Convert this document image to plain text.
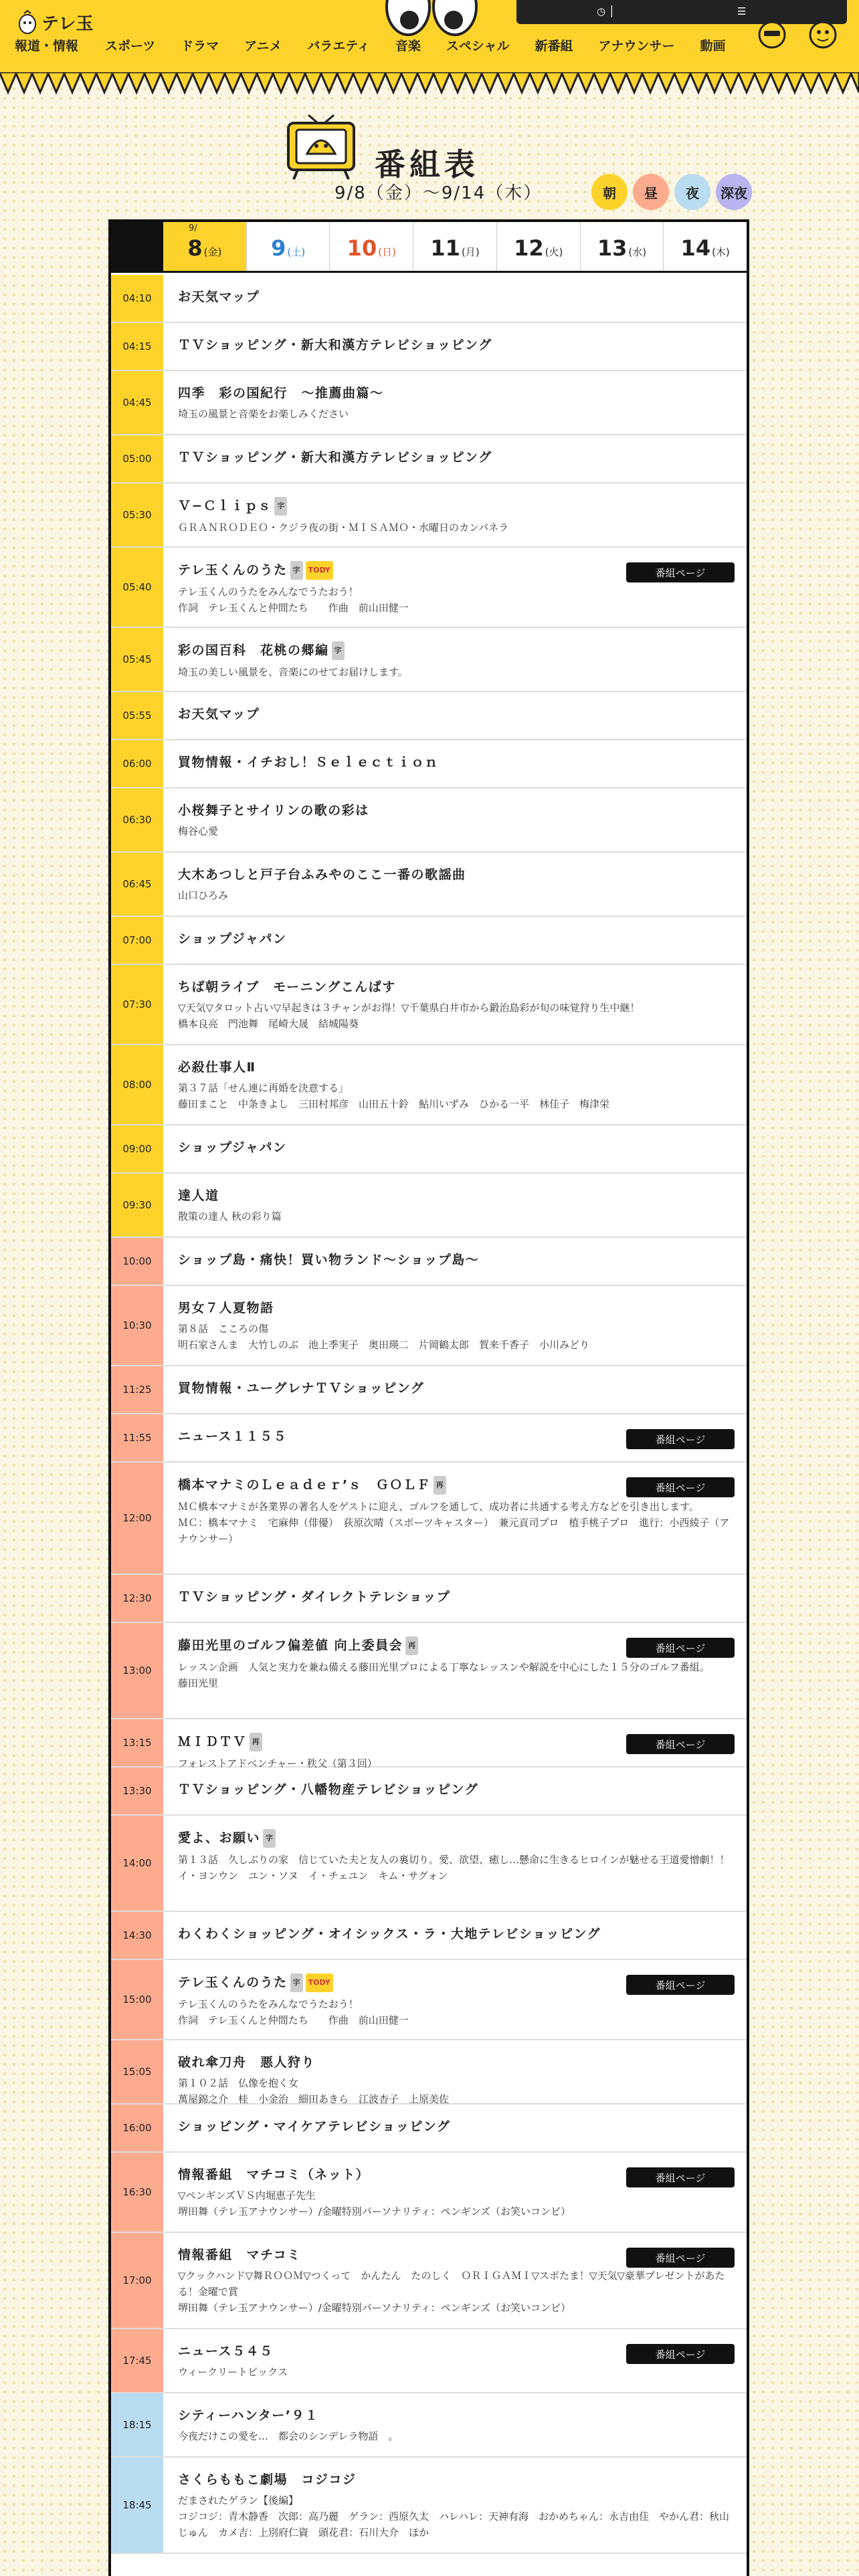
テレ玉
報道・情報 スポーツ ドラマ アニメ バラエティ 音楽 スペシャル 新番組 アナウンサー 動画
◷ │	☰
番組表
9/8（金）〜9/14（木）	朝	昼	夜	深夜
9/
8 (金)	9 (土)	10 (日)	11 (月)	12 (火)	13 (水)	14 (木)
04:10	お天気マップ
04:15	ＴＶショッピング・新大和漢方テレビショッピング
04:45
四季　彩の国紀行　〜推薦曲篇〜
埼玉の風景と音楽をお楽しみください
05:00	ＴＶショッピング・新大和漢方テレビショッピング
05:30
Ｖ−Ｃｌｉｐｓ 字
ＧＲＡＮＲＯＤＥＯ・クジラ夜の街・ＭＩＳＡＭＯ・水曜日のカンパネラ
05:40
テレ玉くんのうた 字 TODY
テレ玉くんのうたをみんなでうたおう！
作詞　テレ玉くんと仲間たち　　作曲　前山田健一
番組ページ
05:45
彩の国百科　花桃の郷編 字
埼玉の美しい風景を、音楽にのせてお届けします。
05:55	お天気マップ
06:00	買物情報・イチおし！Ｓｅｌｅｃｔｉｏｎ
06:30
小桜舞子とサイリンの歌の彩は
梅谷心愛
06:45
大木あつしと戸子台ふみやのここ一番の歌謡曲
山口ひろみ
07:00	ショップジャパン
07:30
ちば朝ライブ　モーニングこんぱす
▽天気▽タロット占い▽早起きは３チャンがお得！▽千葉県白井市から鍛治島彩が旬の味覚狩り生中継！
橋本良亮　門池舞　尾崎大晟　結城陽葵
08:00
必殺仕事人Ⅱ
第３７話「せん連に再婚を決意する」
藤田まこと　中条きよし　三田村邦彦　山田五十鈴　鮎川いずみ　ひかる一平　林佳子　梅津栄
09:00	ショップジャパン
09:30
達人道
散策の達人 秋の彩り篇
10:00	ショップ島・痛快！買い物ランド〜ショップ島〜
10:30
男女７人夏物語
第８話　こころの傷
明石家さんま　大竹しのぶ　池上季実子　奥田瑛二　片岡鶴太郎　賀来千香子　小川みどり
11:25	買物情報・ユーグレナＴＶショッピング
11:55	ニュース１１５５	番組ページ
12:00
橋本マナミのＬｅａｄｅｒ’ｓ　ＧＯＬＦ 再
ＭＣ橋本マナミが各業界の著名人をゲストに迎え、ゴルフを通して、成功者に共通する考え方などを引き出します。
ＭＣ：橋本マナミ　宅麻伸（俳優）　荻原次晴（スポーツキャスター）　兼元貢司プロ　植手桃子プロ　進行：小西綾子（アナウンサー）
番組ページ
12:30	ＴＶショッピング・ダイレクトテレショップ
13:00
藤田光里のゴルフ偏差値 向上委員会 再
レッスン企画　人気と実力を兼ね備える藤田光里プロによる丁寧なレッスンや解説を中心にした１５分のゴルフ番組。
藤田光里
番組ページ
13:15	ＭＩＤＴＶ 再
フォレストアドベンチャー・秩父（第３回）
番組ページ
13:30	ＴＶショッピング・八幡物産テレビショッピング
14:00
愛よ、お願い 字
第１３話　久しぶりの家　信じていた夫と友人の裏切り。愛、欲望、癒し…懸命に生きるヒロインが魅せる王道愛憎劇！！
イ・ヨンウン　ユン・ソヌ　イ・チェユン　キム・サグォン
14:30	わくわくショッピング・オイシックス・ラ・大地テレビショッピング
15:00
テレ玉くんのうた 字 TODY
テレ玉くんのうたをみんなでうたおう！
作詞　テレ玉くんと仲間たち　　作曲　前山田健一
番組ページ
15:05
破れ傘刀舟　悪人狩り
第１０２話　仏像を抱く女
萬屋錦之介　桂　小金治　細田あきら　江波杏子　上原美佐
16:00	ショッピング・マイケアテレビショッピング
16:30
情報番組　マチコミ（ネット）
▽ペンギンズＶＳ内堀恵子先生
堺田舞（テレ玉アナウンサー）/金曜特別パーソナリティ：ペンギンズ（お笑いコンビ）
番組ページ
17:00
情報番組　マチコミ
▽クックハンド▽舞ＲＯＯＭ▽つくって　かんたん　たのしく　ＯＲＩＧＡＭＩ▽スポたま！▽天気▽豪華プレゼントがあたる！金曜で賞
堺田舞（テレ玉アナウンサー）/金曜特別パーソナリティ：ペンギンズ（お笑いコンビ）
番組ページ
17:45
ニュース５４５
ウィークリートピックス
番組ページ
18:15
シティーハンター’９１
今夜だけこの愛を…　都会のシンデレラ物語　。
18:45
さくらももこ劇場　コジコジ
だまされたゲラン【後編】
コジコジ：青木静香　次郎：高乃麗　ゲラン：西原久太　ハレハレ：天神有海　おかめちゃん：永吉由佳　やかん君：秋山じゅん　カメ吉：上別府仁資　頭花君：石川大介　ほか
